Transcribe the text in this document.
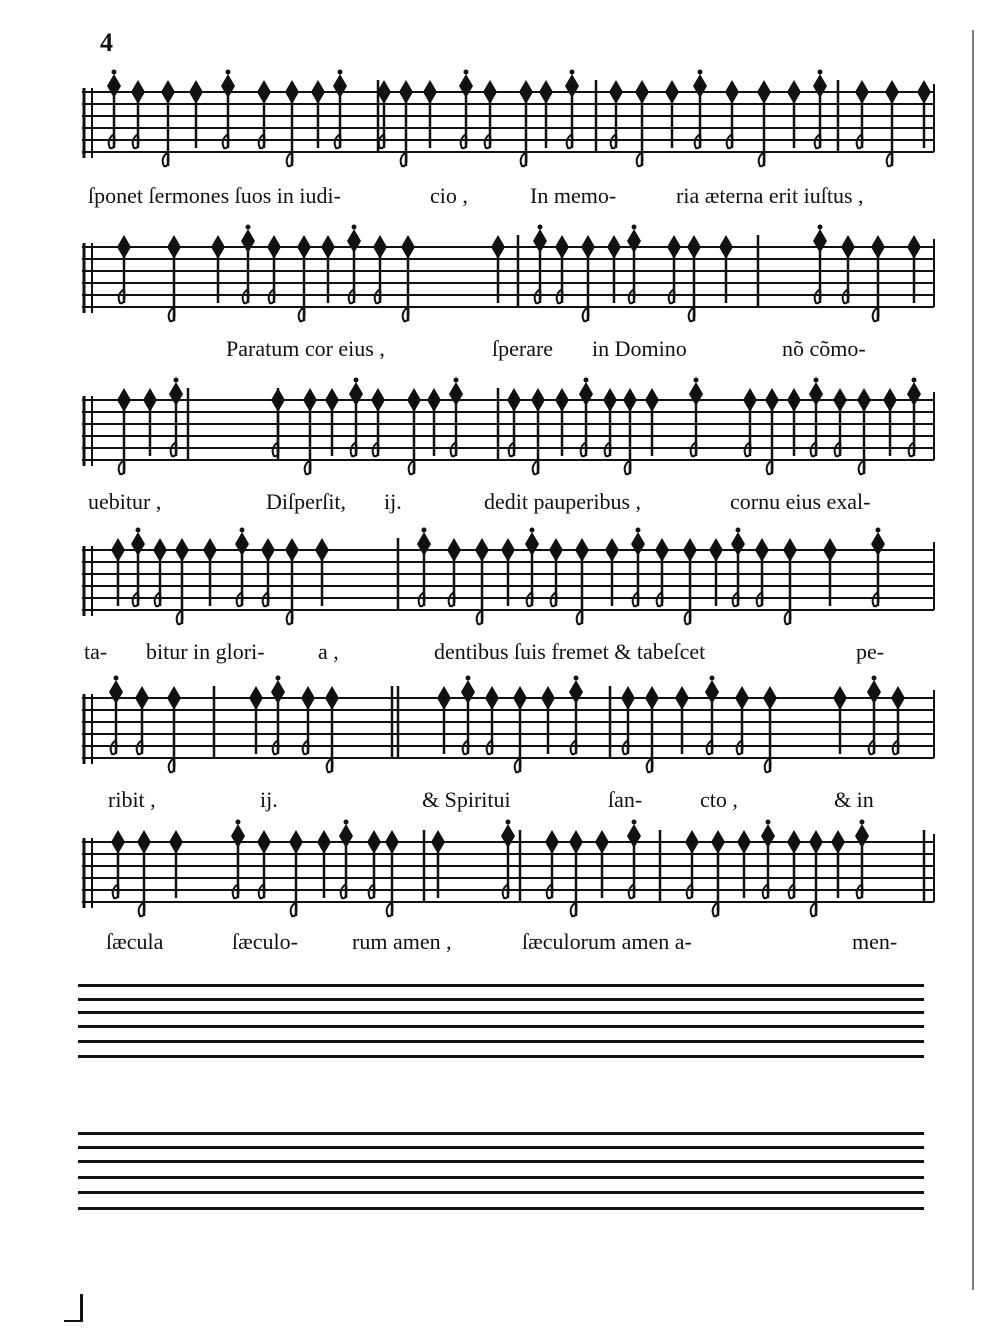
4
ſponet ſermones ſuos in iudi-	cio ,	In memo-	ria æterna erit iuſtus ,
Paratum cor eius ,	ſperare in Domino	nõ cõmo-
uebitur ,	Diſperſit, ij.	dedit pauperibus ,	cornu eius exal-
ta- bitur in glori- a ,	dentibus ſuis fremet & tabeſcet	pe-
ribit ,	ij.	& Spiritui	ſan-	cto ,	& in
ſæcula	ſæculo- rum amen ,	ſæculorum amen a-	men-
